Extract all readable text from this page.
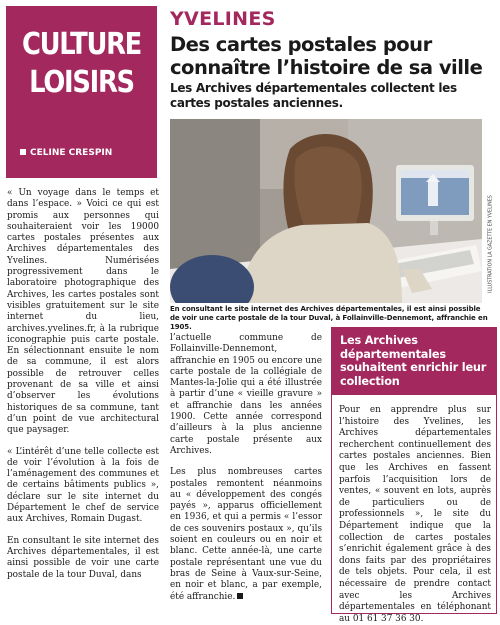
CULTURE
LOISIRS
CELINE CRESPIN
YVELINES
Des cartes postales pour connaître l’histoire de sa ville

Les Archives départementales collectent les cartes postales anciennes.

ILLUSTRATION LA GAZETTE EN YVELINES

En consultant le site internet des Archives départementales, il est ainsi possible de voir une carte postale de la tour Duval, à Follainville-Dennemont, affranchie en 1905.

« Un voyage dans le temps et dans l’espace. » Voici ce qui est promis aux personnes qui souhaiteraient voir les 19000 cartes postales présentes aux Archives départementales des Yvelines. Numérisées progressivement dans le laboratoire photographique des Archives, les cartes postales sont visibles gratuitement sur le site internet du lieu, archives.yvelines.fr, à la rubrique iconographie puis carte postale. En sélectionnant ensuite le nom de sa commune, il est alors possible de retrouver celles provenant de sa ville et ainsi d’observer les évolutions historiques de sa commune, tant d’un point de vue architectural que paysager.

« L’intérêt d’une telle collecte est de voir l’évolution à la fois de l’aménagement des communes et de certains bâtiments publics », déclare sur le site internet du Département le chef de service aux Archives, Romain Dugast.

En consultant le site internet des Archives départementales, il est ainsi possible de voir une carte postale de la tour Duval, dans

l’actuelle commune de Follainville-Dennemont, affranchie en 1905 ou encore une carte postale de la collégiale de Mantes-la-Jolie qui a été illustrée à partir d’une « vieille gravure » et affranchie dans les années 1900. Cette année correspond d’ailleurs à la plus ancienne carte postale présente aux Archives.

Les plus nombreuses cartes postales remontent néanmoins au « développement des congés payés », apparus officiellement en 1936, et qui a permis « l’essor de ces souvenirs postaux », qu’ils soient en couleurs ou en noir et blanc. Cette année-là, une carte postale représentant une vue du bras de Seine à Vaux-sur-Seine, en noir et blanc, a par exemple, été affranchie.

Les Archives départementales souhaitent enrichir leur collection

Pour en apprendre plus sur l’histoire des Yvelines, les Archives départementales recherchent continuellement des cartes postales anciennes. Bien que les Archives en fassent parfois l’acquisition lors de ventes, « souvent en lots, auprès de particuliers ou de professionnels », le site du Département indique que la collection de cartes postales s’enrichit également grâce à des dons faits par des propriétaires de tels objets. Pour cela, il est nécessaire de prendre contact avec les Archives départementales en téléphonant au 01 61 37 36 30.
